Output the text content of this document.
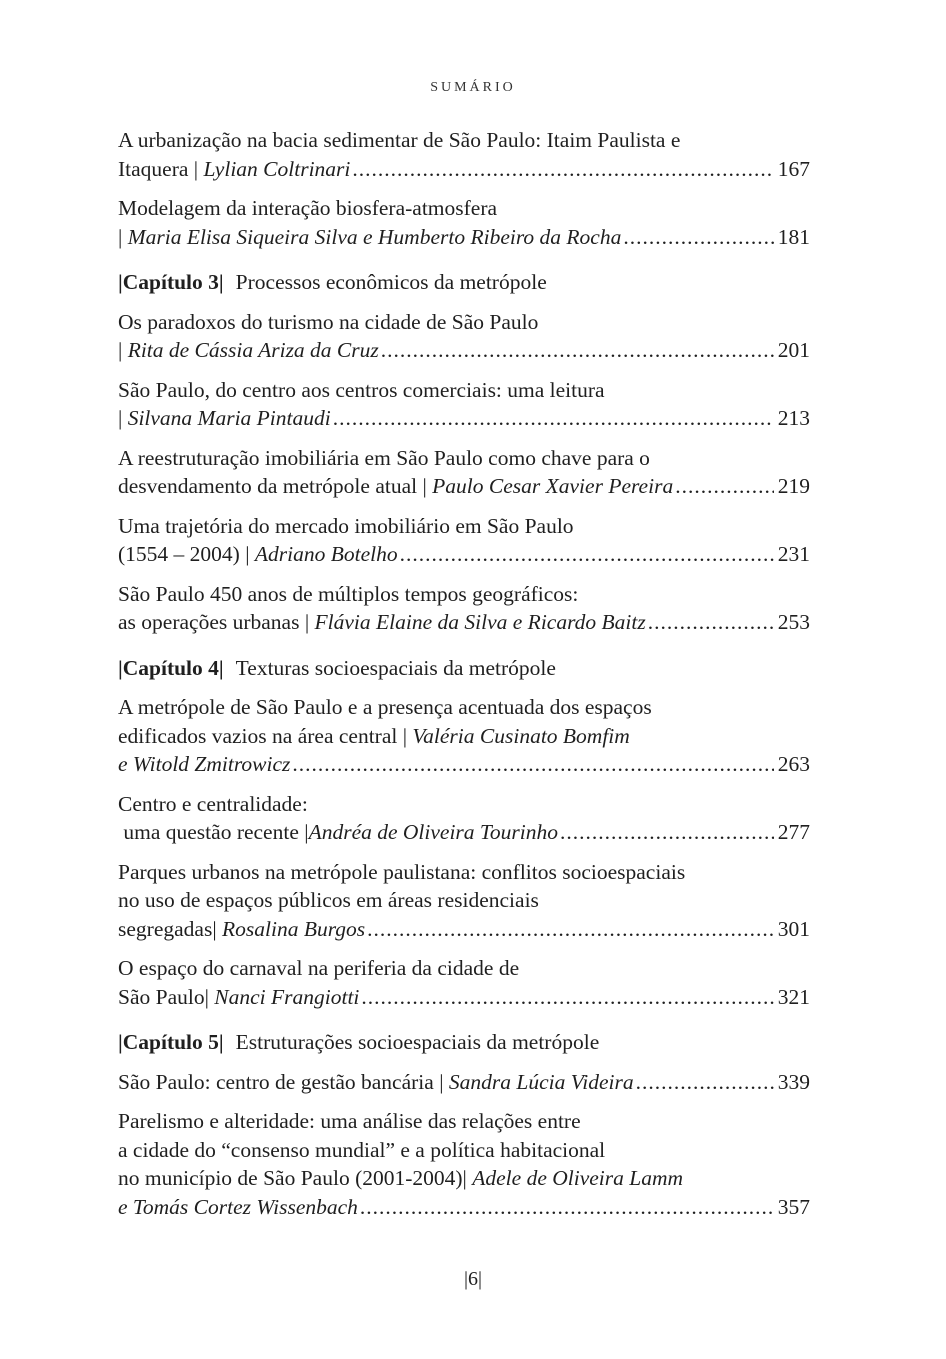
SUMÁRIO
A urbanização na bacia sedimentar de São Paulo: Itaim Paulista e
Itaquera | Lylian Coltrinari .....	167
Modelagem da interação biosfera-atmosfera
| Maria Elisa Siqueira Silva e Humberto Ribeiro da Rocha .....	181
|Capítulo 3| Processos econômicos da metrópole
Os paradoxos do turismo na cidade de São Paulo
| Rita de Cássia Ariza da Cruz .....	201
São Paulo, do centro aos centros comerciais: uma leitura
| Silvana Maria Pintaudi .....	213
A reestruturação imobiliária em São Paulo como chave para o
desvendamento da metrópole atual | Paulo Cesar Xavier Pereira .....	219
Uma trajetória do mercado imobiliário em São Paulo
(1554 – 2004) | Adriano Botelho .....	231
São Paulo 450 anos de múltiplos tempos geográficos:
as operações urbanas | Flávia Elaine da Silva e Ricardo Baitz .....	253
|Capítulo 4| Texturas socioespaciais da metrópole
A metrópole de São Paulo e a presença acentuada dos espaços
edificados vazios na área central | Valéria Cusinato Bomfim
e Witold Zmitrowicz .....	263
Centro e centralidade:
uma questão recente | Andréa de Oliveira Tourinho .....	277
Parques urbanos na metrópole paulistana: conflitos socioespaciais
no uso de espaços públicos em áreas residenciais
segregadas| Rosalina Burgos .....	301
O espaço do carnaval na periferia da cidade de
São Paulo| Nanci Frangiotti .....	321
|Capítulo 5| Estruturações socioespaciais da metrópole
São Paulo: centro de gestão bancária | Sandra Lúcia Videira .....	339
Parelismo e alteridade: uma análise das relações entre
a cidade do “consenso mundial” e a política habitacional
no município de São Paulo (2001-2004)| Adele de Oliveira Lamm
e Tomás Cortez Wissenbach .....	357
|6|
